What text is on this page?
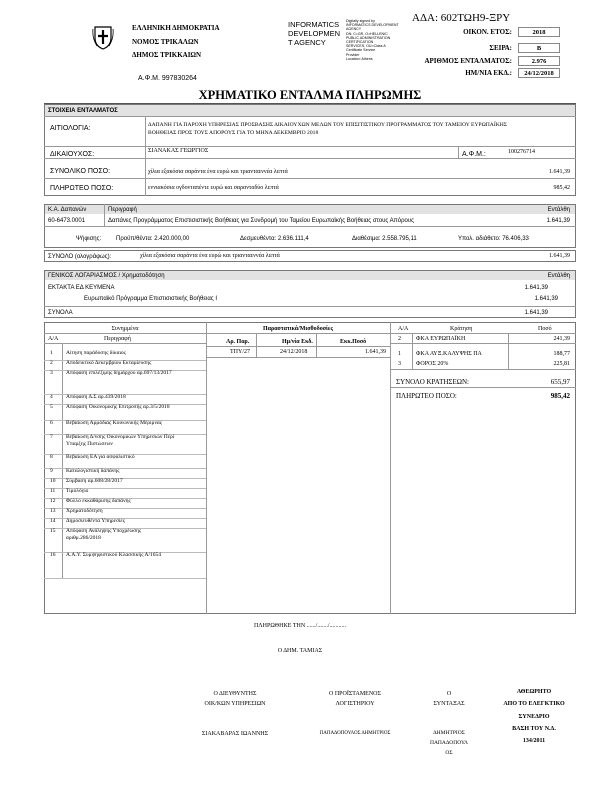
ΑΔΑ: 602ΤΩΗ9-ΞΡΥ
ΕΛΛΗΝΙΚΗ ΔΗΜΟΚΡΑΤΙΑ
ΝΟΜΟΣ ΤΡΙΚΑΛΩΝ
ΔΗΜΟΣ ΤΡΙΚΚΑΙΩΝ
Α.Φ.Μ. 997830264
INFORMATICS
DEVELOPMEN
T AGENCY
Digitally signed by
INFORMATICS DEVELOPMENT
AGENCY
DN: C=GR, O=HELLENIC
PUBLIC ADMINISTRATION
CERTIFICATION
SERVICES, OU=Class A
Certificate Service
Provider
Location: Athens
ΟΙΚΟΝ. ΕΤΟΣ:	2018
ΣΕΙΡΑ:	Β
ΑΡΙΘΜΟΣ ΕΝΤΑΛΜΑΤΟΣ:	2.976
ΗΜ/ΝΙΑ ΕΚΔ.:	24/12/2018
ΧΡΗΜΑΤΙΚΟ ΕΝΤΑΛΜΑ ΠΛΗΡΩΜΗΣ
ΣΤΟΙΧΕΙΑ ΕΝΤΑΛΜΑΤΟΣ
ΑΙΤΙΟΛΟΓΙΑ:	ΔΑΠΑΝΗ ΓΙΑ ΠΑΡΟΧΗ ΥΠΗΡΕΣΙΑΣ ΠΡΟΣΒΑΣΗΣ ΔΙΚΑΙΟΥΧΩΝ ΜΕΛΩΝ ΤΟΥ ΕΠΙΣΙΤΙΣΤΙΚΟΥ ΠΡΟΓΡΑΜΜΑΤΟΣ ΤΟΥ ΤΑΜΕΙΟΥ ΕΥΡΩΠΑΪΚΗΣ ΒΟΗΘΕΙΑΣ ΠΡΟΣ ΤΟΥΣ ΑΠΟΡΟΥΣ ΓΙΑ ΤΟ ΜΗΝΑ ΔΕΚΕΜΒΡΙΟ 2018
ΔΙΚΑΙΟΥΧΟΣ:	ΣΙΑΝΑΚΑΣ ΓΕΩΡΓΙΟΣ	Α.Φ.Μ.:	100276714
ΣΥΝΟΛΙΚΟ ΠΟΣΟ:	χίλια εξακόσια σαράντα ένα ευρώ και τριανταεννέα λεπτά	1.641,39
ΠΛΗΡΩΤΕΟ ΠΟΣΟ:	εννιακόσια ογδονταπέντε ευρώ και σαρανταδύο λεπτά	985,42
Κ.Α. Δαπανών	Περιγραφή	Εντάλθη
60-6473.0001	Δαπάνες Προγράμματος Επιστισιστικής Βοήθειας για Συνδρομή του Ταμείου Ευρωπαϊκής Βοήθειας στους Απόρους	1.641,39
Ψήφισης: Προϋπ/θέντα: 2.420.000,00	Δεσμευθέντα: 2.636.111,4	Διαθέσιμα: 2.558.795,11	Υπολ. αδιάθετο: 76.406,33
ΣΥΝΟΛΟ (ολογράφως):	χίλια εξακόσια σαράντα ένα ευρώ και τριανταεννέα λεπτά	1.641,39
ΓΕΝΙΚΟΣ ΛΟΓΑΡΙΑΣΜΟΣ / Χρηματοδότηση	Εντάλθη
ΕΚΤΑΚΤΑ ΕΔ ΚΕΥΜΕΝΑ	1.641,39
Ευρωπαϊκό Πρόγραμμα Επιστισιστικής Βοήθειας I	1.641,39
ΣΥΝΟΛΑ	1.641,39
Συνημμένα
Α/Α	Περιγραφή
1 Αίτηση παράδοσης δίκαιος
2 Αποδεικτικό Δεκεμβρίου Εκταμίευσης
3 Απόφαση επιλέξιμης δημάρχου αρ.697/13/2017
4 Απόφαση Δ.Σ αρ.439/2018
5 Απόφαση Οικονομικής Επιτροπής αρ.3/5/2018
6 Βεβαίωση Αρμόδιας Κοινωνικής Μέριμνας
7 Βεβαίωση Δ/νσης Οικονομικών Υπηρεσιών Περί Υπαρξης Πιστώσεων
8 Βεβαίωση ΕΑ για ασφαλιστικό
9 Καταλογιστική δαπάνης
10 Σύμβαση αρ.608/28/2017
11 Τιμολόγιο
12 Φύλλο εκκαθάρισης δαπάνης
13 Χρηματοδότηση
14 Δημοσιευθέντα Υπηρεσίες
15 Απόφαση Ανάληψης Υποχρέωσης αριθμ.286/2018
16 Α.Α.Υ. Συμψηφιστικού Κλασσικής Α/1654
Παραστατικά/Μισθοδοσίες
Αρ. Παρ.	Ημ/νία Εκδ.	Εκκ.Ποσό
ΤΠΥ/27	24/12/2018	1.641,39
Α/Α	Κράτηση	Ποσό
2	ΦΚΑ ΕΥΡΩΠΑΪΚΗ	241,39
1	ΦΚΑ ΑΥΞ.ΚΑΛΥΨΗΣ ΠΑ	188,77
3	ΦΟΡΟΣ 20%	225,81
ΣΥΝΟΛΟ ΚΡΑΤΗΣΕΩΝ:	655,97
ΠΛΗΡΩΤΕΟ ΠΟΣΟ:	985,42
ΠΛΗΡΩΘΗΚΕ ΤΗΝ ....../......./...........
Ο ΔΗΜ. ΤΑΜΙΑΣ
Ο ΔΙΕΥΘΥΝΤΗΣ
ΟΙΚ/ΚΩΝ ΥΠΗΡΕΣΙΩΝ
ΣΙΑΚΑΒΑΡΑΣ ΙΩΑΝΝΗΣ
Ο ΠΡΟΪΣΤΑΜΕΝΟΣ
ΛΟΓΙΣΤΗΡΙΟΥ
ΠΑΠΑΔΟΠΟΥΛΟΣ ΔΗΜΗΤΡΙΟΣ
Ο
ΣΥΝΤΑΞΑΣ
ΔΗΜΗΤΡΙΟΣ
ΠΑΠΑΔΟΠΟΥΛ
ΟΣ
ΑΘΕΩΡΗΤΟ
ΑΠΟ ΤΟ ΕΛΕΓΚΤΙΚΟ
ΣΥΝΕΔΡΙΟ
ΒΑΣΗ ΤΟΥ Ν.Δ.
134/2011
